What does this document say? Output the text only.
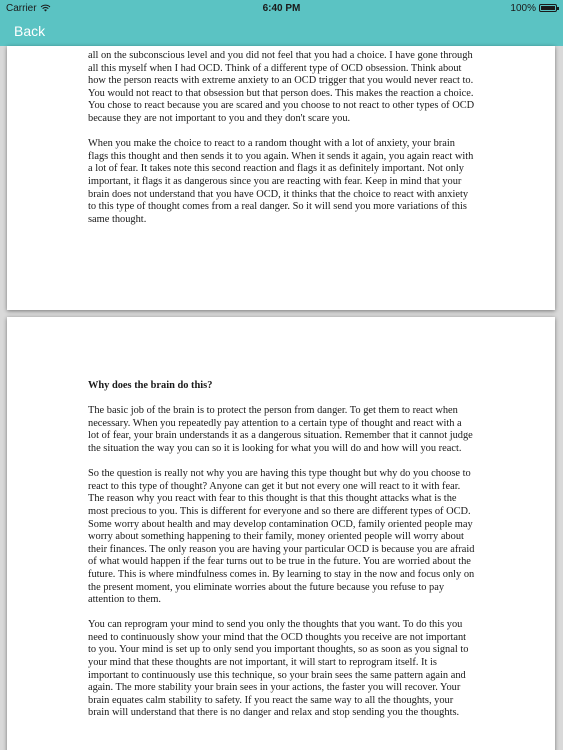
Carrier	6:40 PM	100%
Back

all on the subconscious level and you did not feel that you had a choice. I have gone through all this myself when I had OCD. Think of a different type of OCD obsession. Think about how the person reacts with extreme anxiety to an OCD trigger that you would never react to. You would not react to that obsession but that person does. This makes the reaction a choice. You chose to react because you are scared and you choose to not react to other types of OCD because they are not important to you and they don't scare you.

When you make the choice to react to a random thought with a lot of anxiety, your brain flags this thought and then sends it to you again. When it sends it again, you again react with a lot of fear. It takes note this second reaction and flags it as definitely important. Not only important, it flags it as dangerous since you are reacting with fear. Keep in mind that your brain does not understand that you have OCD, it thinks that the choice to react with anxiety to this type of thought comes from a real danger. So it will send you more variations of this same thought.

Why does the brain do this?

The basic job of the brain is to protect the person from danger. To get them to react when necessary. When you repeatedly pay attention to a certain type of thought and react with a lot of fear, your brain understands it as a dangerous situation. Remember that it cannot judge the situation the way you can so it is looking for what you will do and how will you react.

So the question is really not why you are having this type thought but why do you choose to react to this type of thought? Anyone can get it but not every one will react to it with fear. The reason why you react with fear to this thought is that this thought attacks what is the most precious to you. This is different for everyone and so there are different types of OCD. Some worry about health and may develop contamination OCD, family oriented people may worry about something happening to their family, money oriented people will worry about their finances. The only reason you are having your particular OCD is because you are afraid of what would happen if the fear turns out to be true in the future. You are worried about the future. This is where mindfulness comes in. By learning to stay in the now and focus only on the present moment, you eliminate worries about the future because you refuse to pay attention to them.

You can reprogram your mind to send you only the thoughts that you want. To do this you need to continuously show your mind that the OCD thoughts you receive are not important to you. Your mind is set up to only send you important thoughts, so as soon as you signal to your mind that these thoughts are not important, it will start to reprogram itself. It is important to continuously use this technique, so your brain sees the same pattern again and again. The more stability your brain sees in your actions, the faster you will recover. Your brain equates calm stability to safety. If you react the same way to all the thoughts, your brain will understand that there is no danger and relax and stop sending you the thoughts.
